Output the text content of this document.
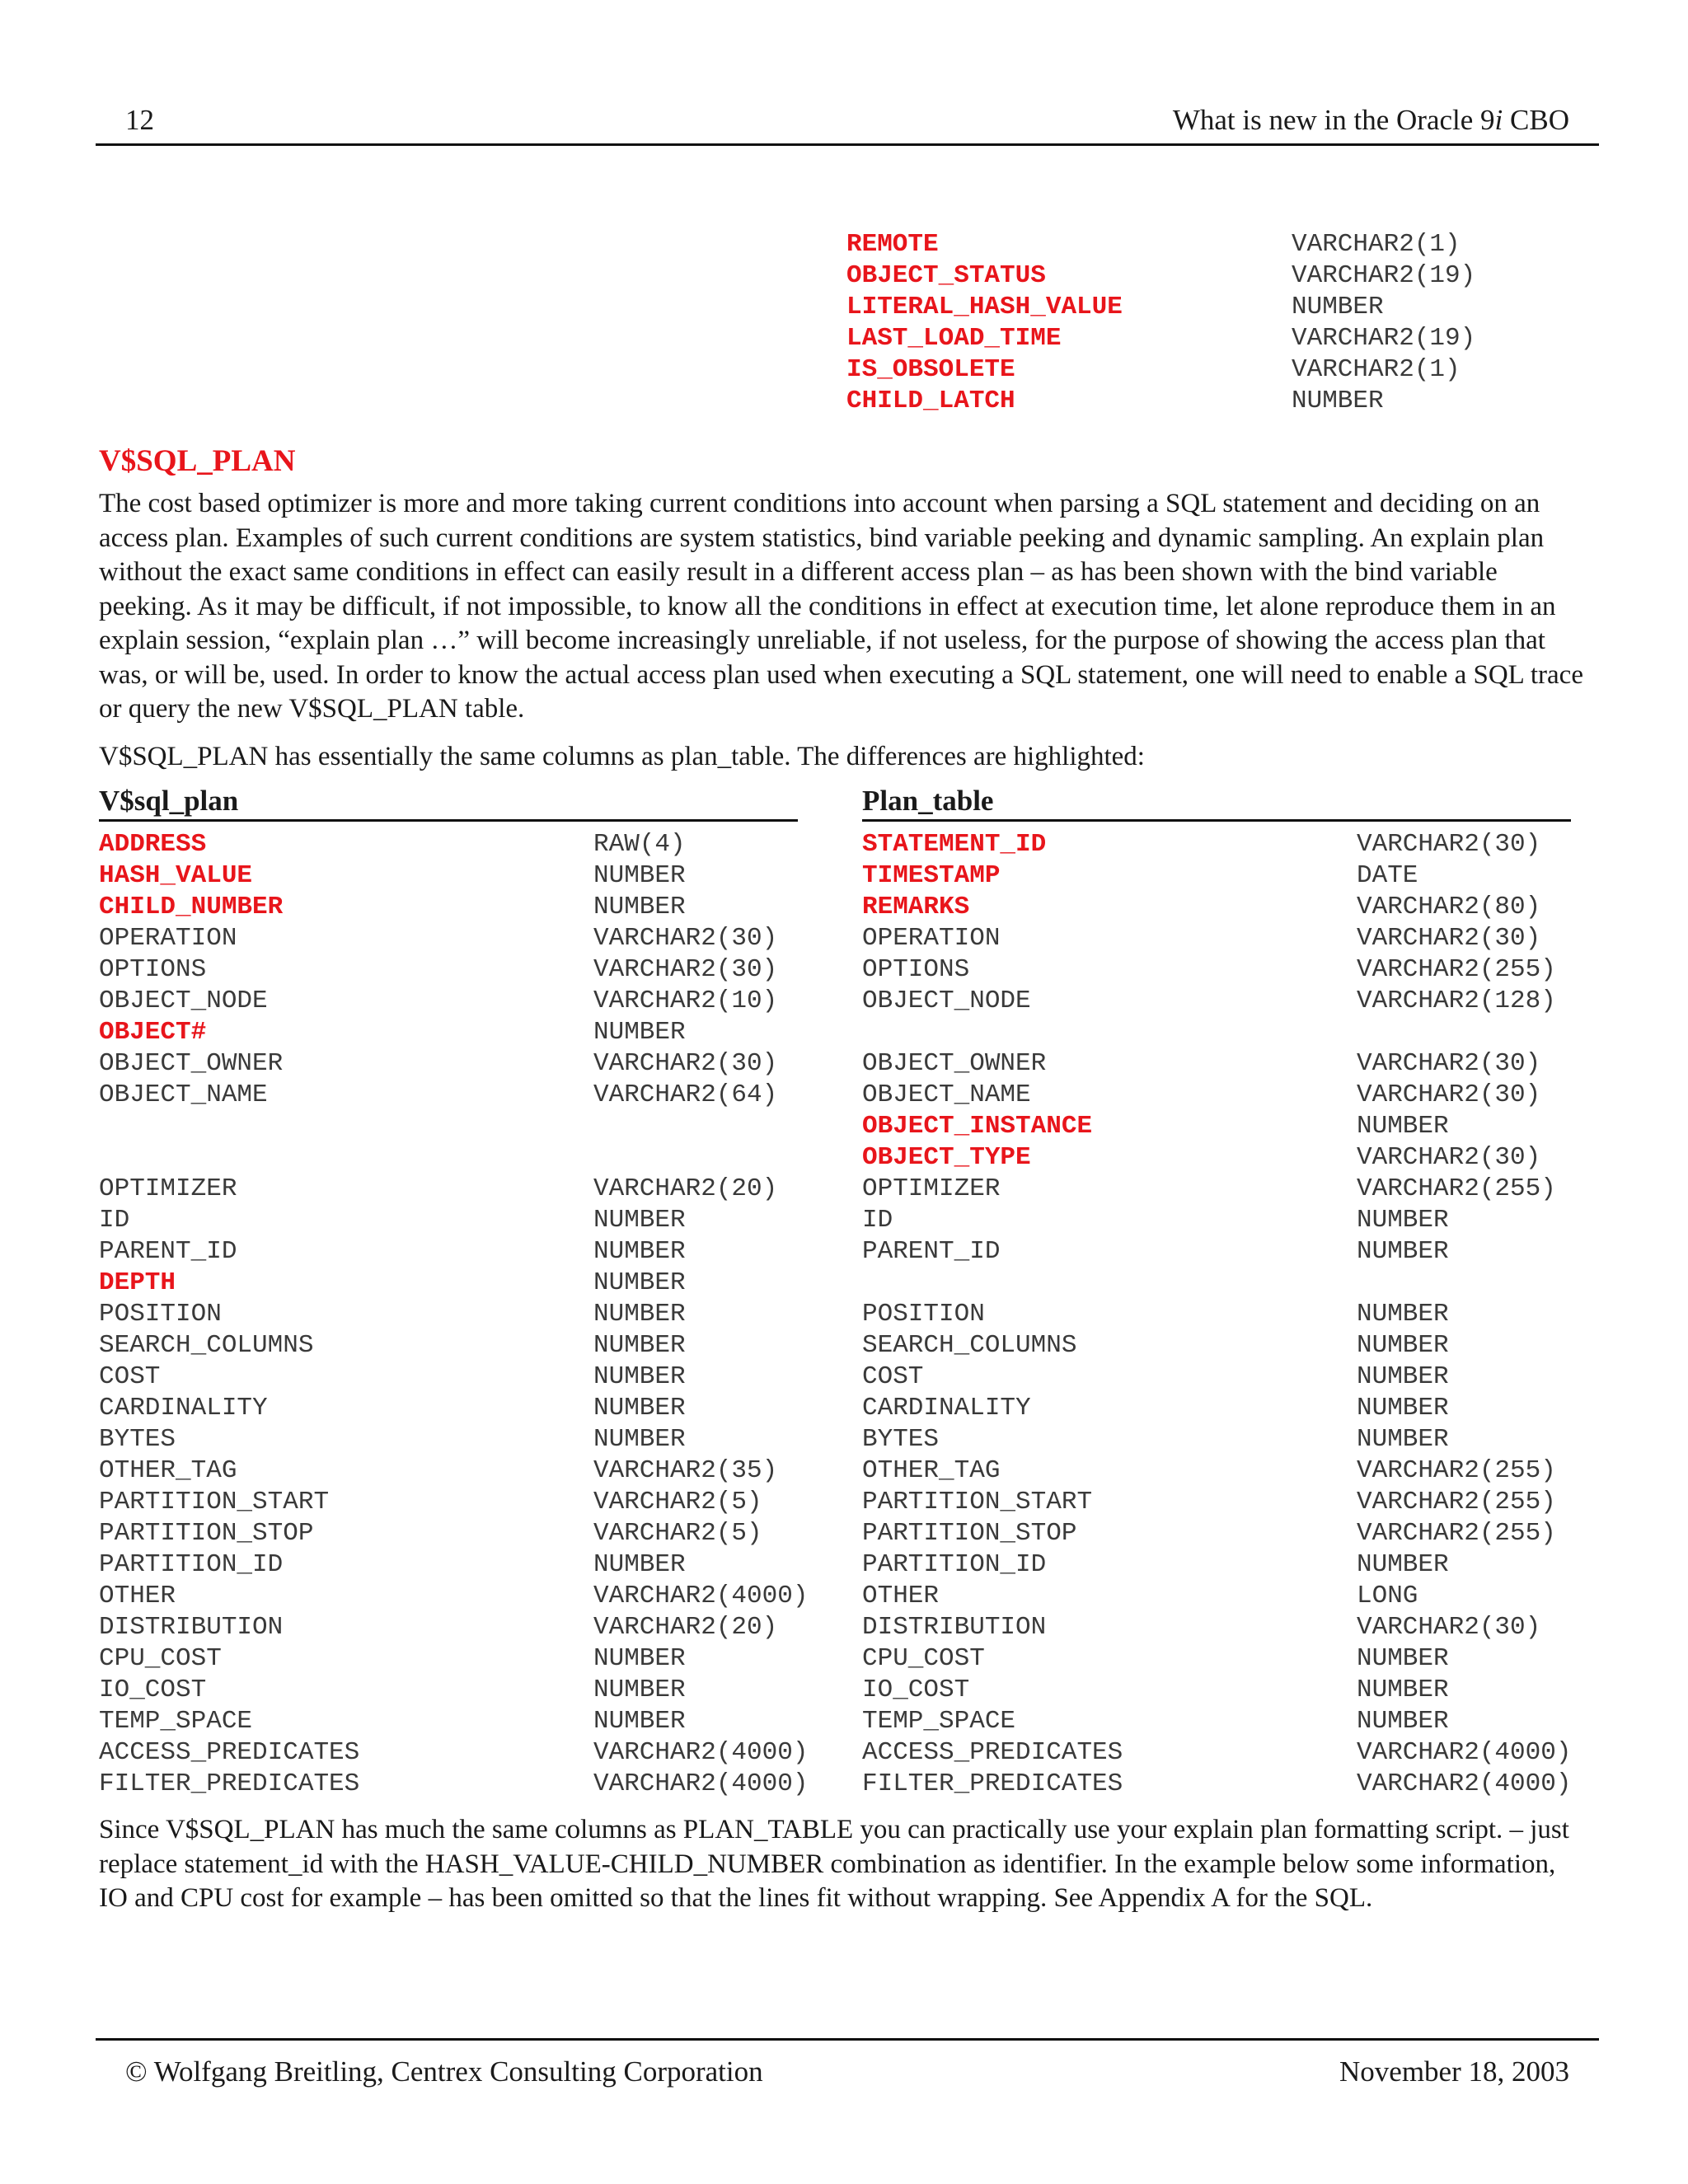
12	What is new in the Oracle 9i CBO
REMOTE	VARCHAR2(1)
OBJECT_STATUS	VARCHAR2(19)
LITERAL_HASH_VALUE	NUMBER
LAST_LOAD_TIME	VARCHAR2(19)
IS_OBSOLETE	VARCHAR2(1)
CHILD_LATCH	NUMBER
V$SQL_PLAN
The cost based optimizer is more and more taking current conditions into account when parsing a SQL statement and deciding on an access plan. Examples of such current conditions are system statistics, bind variable peeking and dynamic sampling. An explain plan without the exact same conditions in effect can easily result in a different access plan – as has been shown with the bind variable peeking. As it may be difficult, if not impossible, to know all the conditions in effect at execution time, let alone reproduce them in an explain session, “explain plan …” will become increasingly unreliable, if not useless, for the purpose of showing the access plan that was, or will be, used. In order to know the actual access plan used when executing a SQL statement, one will need to enable a SQL trace or query the new V$SQL_PLAN table.
V$SQL_PLAN has essentially the same columns as plan_table. The differences are highlighted:
V$sql_plan	Plan_table
ADDRESS	RAW(4)
HASH_VALUE	NUMBER
CHILD_NUMBER	NUMBER
OPERATION	VARCHAR2(30)
OPTIONS	VARCHAR2(30)
OBJECT_NODE	VARCHAR2(10)
OBJECT#	NUMBER
OBJECT_OWNER	VARCHAR2(30)
OBJECT_NAME	VARCHAR2(64)
OPTIMIZER	VARCHAR2(20)
ID	NUMBER
PARENT_ID	NUMBER
DEPTH	NUMBER
POSITION	NUMBER
SEARCH_COLUMNS	NUMBER
COST	NUMBER
CARDINALITY	NUMBER
BYTES	NUMBER
OTHER_TAG	VARCHAR2(35)
PARTITION_START	VARCHAR2(5)
PARTITION_STOP	VARCHAR2(5)
PARTITION_ID	NUMBER
OTHER	VARCHAR2(4000)
DISTRIBUTION	VARCHAR2(20)
CPU_COST	NUMBER
IO_COST	NUMBER
TEMP_SPACE	NUMBER
ACCESS_PREDICATES	VARCHAR2(4000)
FILTER_PREDICATES	VARCHAR2(4000)
STATEMENT_ID	VARCHAR2(30)
TIMESTAMP	DATE
REMARKS	VARCHAR2(80)
OPERATION	VARCHAR2(30)
OPTIONS	VARCHAR2(255)
OBJECT_NODE	VARCHAR2(128)
OBJECT_OWNER	VARCHAR2(30)
OBJECT_NAME	VARCHAR2(30)
OBJECT_INSTANCE	NUMBER
OBJECT_TYPE	VARCHAR2(30)
OPTIMIZER	VARCHAR2(255)
ID	NUMBER
PARENT_ID	NUMBER
POSITION	NUMBER
SEARCH_COLUMNS	NUMBER
COST	NUMBER
CARDINALITY	NUMBER
BYTES	NUMBER
OTHER_TAG	VARCHAR2(255)
PARTITION_START	VARCHAR2(255)
PARTITION_STOP	VARCHAR2(255)
PARTITION_ID	NUMBER
OTHER	LONG
DISTRIBUTION	VARCHAR2(30)
CPU_COST	NUMBER
IO_COST	NUMBER
TEMP_SPACE	NUMBER
ACCESS_PREDICATES	VARCHAR2(4000)
FILTER_PREDICATES	VARCHAR2(4000)
Since V$SQL_PLAN has much the same columns as PLAN_TABLE you can practically use your explain plan formatting script. – just replace statement_id with the HASH_VALUE-CHILD_NUMBER combination as identifier. In the example below some information, IO and CPU cost for example – has been omitted so that the lines fit without wrapping. See Appendix A for the SQL.
© Wolfgang Breitling, Centrex Consulting Corporation	November 18, 2003
